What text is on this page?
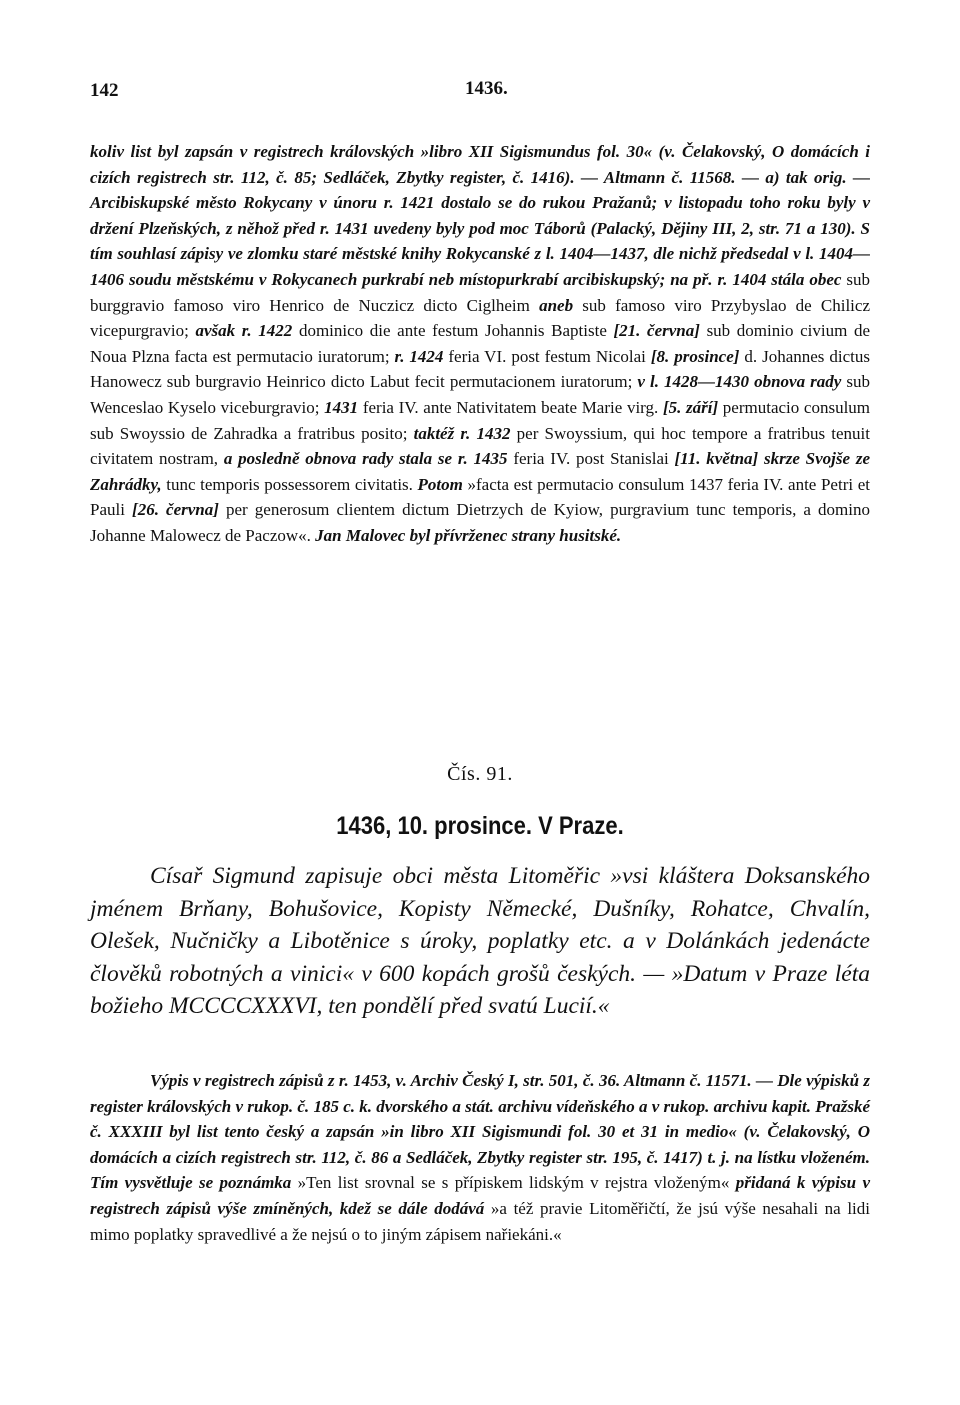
142	1436.
koliv list byl zapsán v registrech královských »libro XII Sigismundus fol. 30« (v. Čelakovský, O domácích i cizích registrech str. 112, č. 85; Sedláček, Zbytky register, č. 1416). — Altmann č. 11568. — a) tak orig. — Arcibiskupské město Rokycany v únoru r. 1421 dostalo se do rukou Pražanů; v listopadu toho roku byly v držení Plzeňských, z něhož před r. 1431 uvedeny byly pod moc Táborů (Palacký, Dějiny III, 2, str. 71 a 130). S tím souhlasí zápisy ve zlomku staré městské knihy Rokycanské z l. 1404—1437, dle nichž předsedal v l. 1404—1406 soudu městskému v Rokycanech purkrabí neb místopurkrabí arcibiskupský; na př. r. 1404 stála obec sub burggravio famoso viro Henrico de Nuczicz dicto Ciglheim aneb sub famoso viro Przybyslao de Chilicz vicepurgravio; avšak r. 1422 dominico die ante festum Johannis Baptiste [21. června] sub dominio civium de Noua Plzna facta est permutacio iuratorum; r. 1424 feria VI. post festum Nicolai [8. prosince] d. Johannes dictus Hanowecz sub burgravio Heinrico dicto Labut fecit permutacionem iuratorum; v l. 1428—1430 obnova rady sub Wenceslao Kyselo viceburgravio; 1431 feria IV. ante Nativitatem beate Marie virg. [5. září] permutacio consulum sub Swoyssio de Zahradka a fratribus posito; taktéž r. 1432 per Swoyssium, qui hoc tempore a fratribus tenuit civitatem nostram, a posledně obnova rady stala se r. 1435 feria IV. post Stanislai [11. května] skrze Svojše ze Zahrádky, tunc temporis possessorem civitatis. Potom »facta est permutacio consulum 1437 feria IV. ante Petri et Pauli [26. června] per generosum clientem dictum Dietrzych de Kyiow, purgravium tunc temporis, a domino Johanne Malowecz de Paczow«. Jan Malovec byl přívrženec strany husitské.
Čís. 91.
1436, 10. prosince. V Praze.
Císař Sigmund zapisuje obci města Litoměřic »vsi kláštera Doksanského jménem Brňany, Bohušovice, Kopisty Německé, Dušníky, Rohatce, Chvalín, Olešek, Nučničky a Libotěnice s úroky, poplatky etc. a v Dolánkách jedenácte člověků robotných a vinici« v 600 kopách grošů českých. — »Datum v Praze léta božieho MCCCCXXXVI, ten pondělí před svatú Lucií.«
Výpis v registrech zápisů z r. 1453, v. Archiv Český I, str. 501, č. 36. Altmann č. 11571. — Dle výpisků z register královských v rukop. č. 185 c. k. dvorského a stát. archivu vídeňského a v rukop. archivu kapit. Pražské č. XXXIII byl list tento český a zapsán »in libro XII Sigismundi fol. 30 et 31 in medio« (v. Čelakovský, O domácích a cizích registrech str. 112, č. 86 a Sedláček, Zbytky register str. 195, č. 1417) t. j. na lístku vloženém. Tím vysvětluje se poznámka »Ten list srovnal se s přípiskem lidským v rejstra vloženým« přidaná k výpisu v registrech zápisů výše zmíněných, kdež se dále dodává »a též pravie Litoměřičtí, že jsú výše nesahali na lidi mimo poplatky spravedlivé a že nejsú o to jiným zápisem nařiekáni.«
